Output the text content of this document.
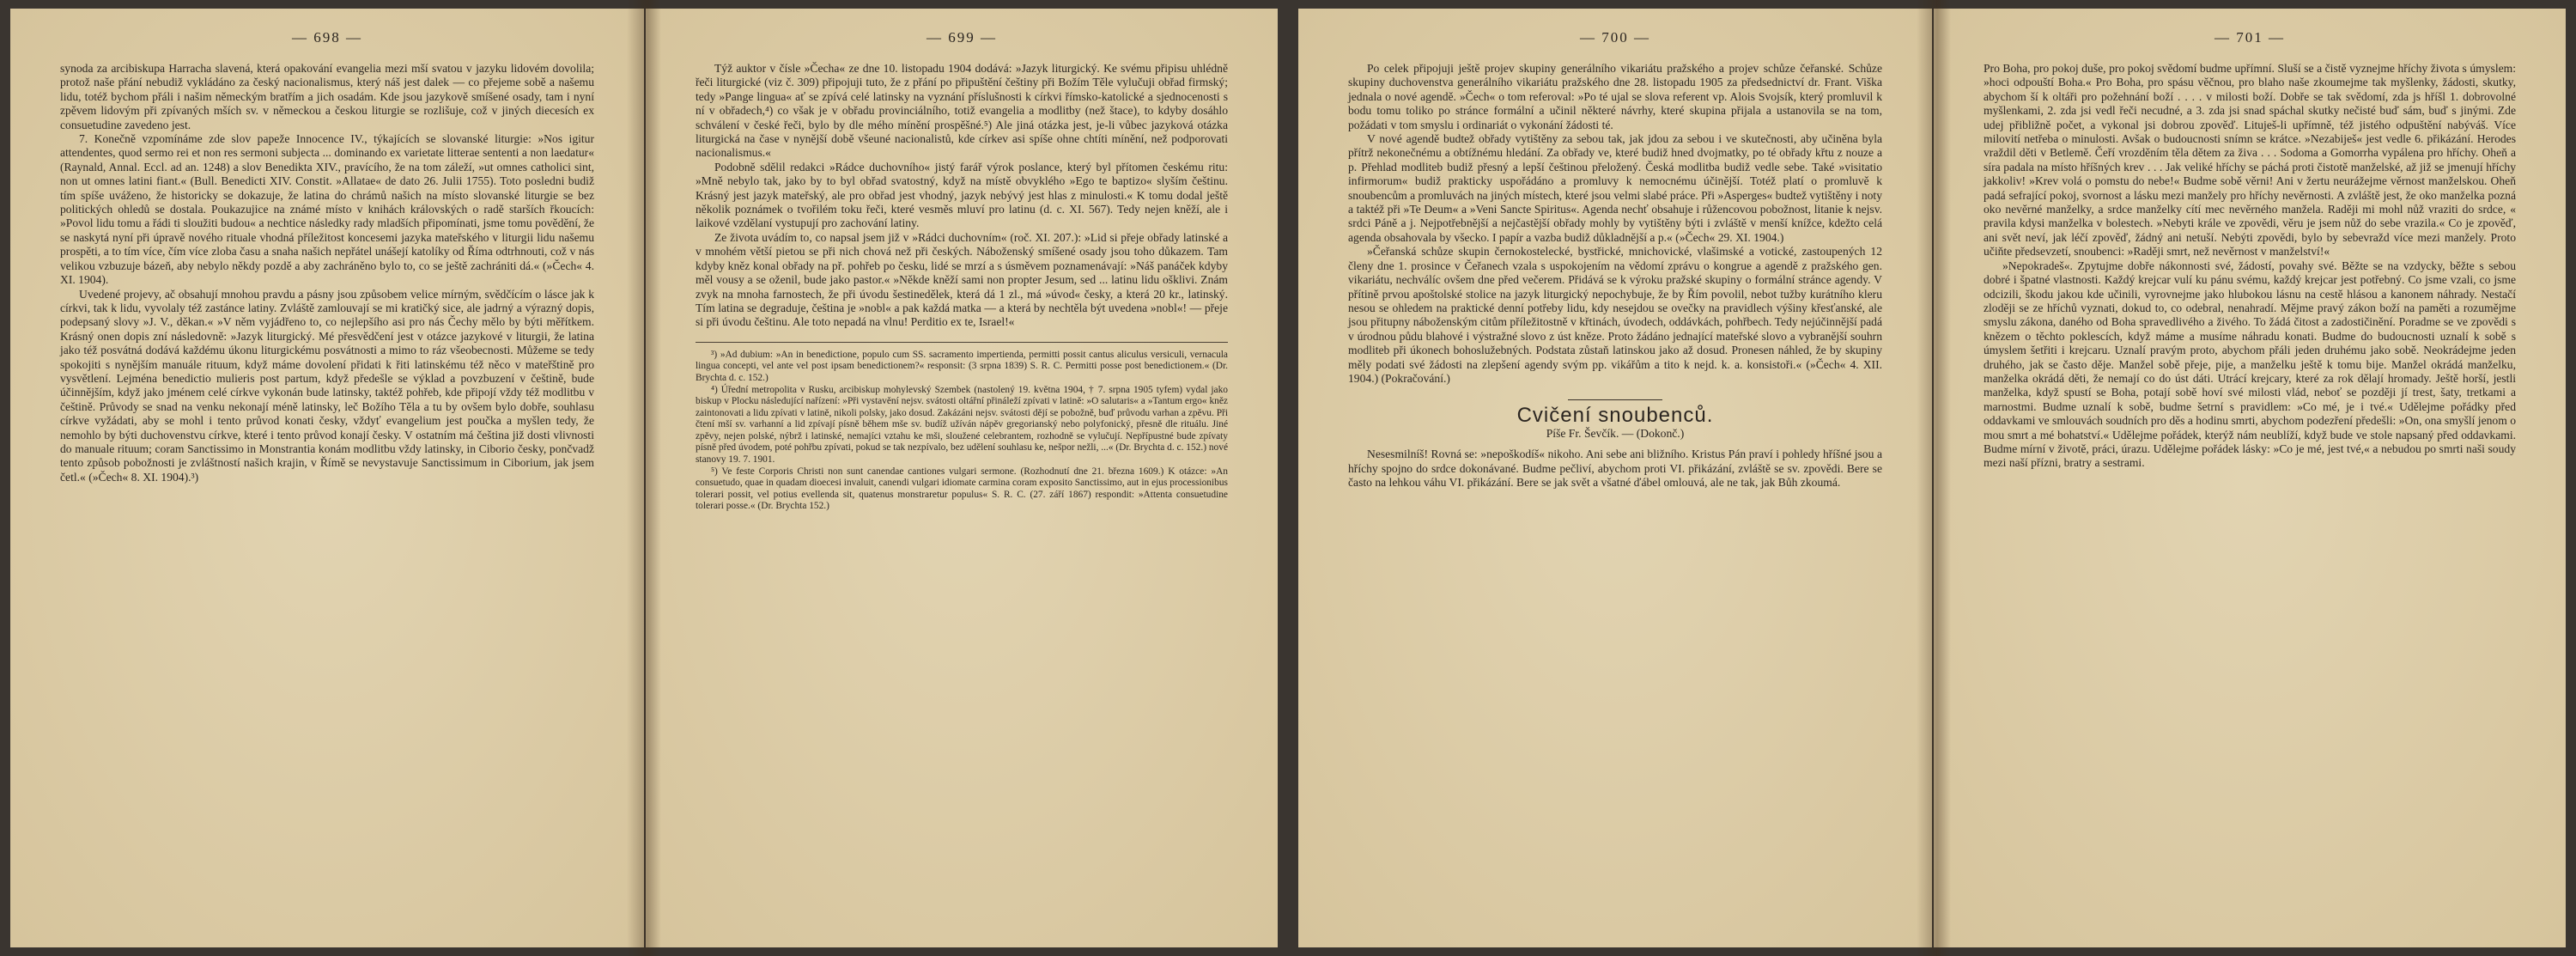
— 698 —

synoda za arcibiskupa Harracha slavená, která opakování evangelia mezi mší svatou v jazyku lidovém dovolila; protož naše přání nebudiž vykládáno za český nacionalismus, který náš jest dalek — co přejeme sobě a našemu lidu, totéž bychom přáli i našim německým bratřím a jich osadám. Kde jsou jazykově smíšené osady, tam i nyní zpěvem lidovým při zpívaných mších sv. v německou a českou liturgie se rozlišuje, což v jiných diecesích ex consuetudine zavedeno jest.

7. Konečně vzpomínáme zde slov papeže Innocence IV., týkajících se slovanské liturgie: »Nos igitur attendentes, quod sermo rei et non res sermoni subjecta ... dominando ex varietate litterae sententi a non laedatur« (Raynald, Annal. Eccl. ad an. 1248) a slov Benedikta XIV., pravícího, že na tom záleží, »ut omnes catholici sint, non ut omnes latini fiant.« (Bull. Benedicti XIV. Constit. »Allatae« de dato 26. Julii 1755). Toto posledni budiž tím spíše uváženo, že historicky se dokazuje, že latina do chrámů našich na místo slovanské liturgie se bez politických ohledů se dostala. Poukazujice na známé místo v knihách královských o radě starších řkoucích: »Povol lidu tomu a řádi ti sloužiti budou« a nechtice následky rady mladších připomínati, jsme tomu povědění, že se naskytá nyní při úpravě nového rituale vhodná příležitost koncesemi jazyka mateřského v liturgii lidu našemu prospěti, a to tím více, čím více zloba času a snaha našich nepřátel unášejí katolíky od Říma odtrhnouti, což v nás velikou vzbuzuje bázeň, aby nebylo někdy pozdě a aby zachráněno bylo to, co se ještě zachrániti dá.« (»Čech« 4. XI. 1904).

Uvedené projevy, ač obsahují mnohou pravdu a pásny jsou způsobem velice mírným, svědčícím o lásce jak k církvi, tak k lidu, vyvolaly též zastánce latiny. Zvláště zamlouvají se mi kratičký sice, ale jadrný a výrazný dopis, podepsaný slovy »J. V., děkan.« »V něm vyjádřeno to, co nejlepšího asi pro nás Čechy mělo by býti měřítkem. Krásný onen dopis zní následovně: »Jazyk liturgický. Mé přesvědčení jest v otázce jazykové v liturgii, že latina jako též posvátná dodává každému úkonu liturgickému posvátnosti a mimo to ráz všeobecnosti. Můžeme se tedy spokojiti s nynějším manuále rituum, když máme dovolení přidati k řiti latinskému též něco v mateřštině pro vysvětlení. Lejména benedictio mulieris post partum, když předešle se výklad a povzbuzení v češtině, bude účinnějším, když jako jménem celé církve vykonán bude latinsky, taktéž pohřeb, kde připojí vždy též modlitbu v češtině. Průvody se snad na venku nekonají méně latinsky, leč Božího Těla a tu by ovšem bylo dobře, souhlasu církve vyžádati, aby se mohl i tento průvod konati česky, vždyť evangelium jest poučka a myšlen tedy, že nemohlo by býti duchovenstvu církve, které i tento průvod konají česky. V ostatním má čeština již dosti vlivnosti do manuale rituum; coram Sanctissimo in Monstrantia konám modlitbu vždy latinsky, in Ciborio česky, pončvadž tento způsob pobožnosti je zvláštností našich krajin, v Římě se nevystavuje Sanctissimum in Ciborium, jak jsem četl.« (»Čech« 8. XI. 1904).³)

— 699 —

Týž auktor v čísle »Čecha« ze dne 10. listopadu 1904 dodává: »Jazyk liturgický. Ke svému připisu uhlédně řeči liturgické (viz č. 309) připojuji tuto, že z přání po připuštění češtiny při Božím Těle vylučuji obřad firmský; tedy »Pange lingua« ať se zpívá celé latinsky na vyznání příslušnosti k církvi římsko-katolické a sjednocenosti s ní v obřadech,⁴) co však je v obřadu provinciálního, totiž evangelia a modlitby (než štace), to kdyby dosáhlo schválení v české řeči, bylo by dle mého mínění prospěšné.⁵) Ale jiná otázka jest, je-li vůbec jazyková otázka liturgická na čase v nynější době všeuné nacionalistů, kde církev asi spíše ohne chtíti mínění, než podporovati nacionalismus.«

Podobně sdělil redakci »Rádce duchovního« jistý farář výrok poslance, který byl přítomen českému ritu: »Mně nebylo tak, jako by to byl obřad svatostný, když na místě obvyklého »Ego te baptizo« slyším češtinu. Krásný jest jazyk mateřský, ale pro obřad jest vhodný, jazyk nebývý jest hlas z minulosti.« K tomu dodal ještě několik poznámek o tvořilém toku řeči, které vesměs mluví pro latinu (d. c. XI. 567). Tedy nejen kněží, ale i laikové vzdělaní vystupují pro zachování latiny.

Ze života uvádím to, co napsal jsem již v »Rádci duchovním« (roč. XI. 207.): »Lid si přeje obřady latinské a v mnohém větší pietou se při nich chová než při českých. Náboženský smíšené osady jsou toho důkazem. Tam kdyby kněz konal obřady na př. pohřeb po česku, lidé se mrzí a s úsměvem poznamenávají: »Náš panáček kdyby měl vousy a se oženil, bude jako pastor.« »Někde kněží sami non propter Jesum, sed ... latinu lidu ošklivi. Znám zvyk na mnoha farnostech, že při úvodu šestinedělek, která dá 1 zl., má »úvod« česky, a která 20 kr., latinský. Tím latina se degraduje, čeština je »nobl« a pak každá matka — a která by nechtěla být uvedena »nobl«! — přeje si při úvodu češtinu. Ale toto nepadá na vlnu! Perditio ex te, Israel!«

³) »Ad dubium: »An in benedictione, populo cum SS. sacramento impertienda, permitti possit cantus aliculus versiculi, vernacula lingua concepti, vel ante vel post ipsam benedictionem?« responsit: (3 srpna 1839) S. R. C. Permitti posse post benedictionem.« (Dr. Brychta d. c. 152.)

⁴) Úřední metropolita v Rusku, arcibiskup mohylevský Szembek (nastolený 19. května 1904, † 7. srpna 1905 tyfem) vydal jako biskup v Plocku následující nařízení: »Při vystavění nejsv. svátosti oltářní přináleží zpívati v latině: »O salutaris« a »Tantum ergo« kněz zaintonovati a lidu zpívati v latině, nikoli polsky, jako dosud. Zakázáni nejsv. svátosti dějí se pobožně, buď průvodu varhan a zpěvu. Při čtení mší sv. varhanní a lid zpívají písně během mše sv. budíž užíván nápěv gregorianský nebo polyfonický, přesně dle rituálu. Jiné zpěvy, nejen polské, nýbrž i latinské, nemajíci vztahu ke mši, sloužené celebrantem, rozhodně se vylučují. Nepřípustné bude zpívaty písně před úvodem, poté pohřbu zpívati, pokud se tak nezpívalo, bez udělení souhlasu ke, nešpor nežli, ...« (Dr. Brychta d. c. 152.) nové stanovy 19. 7. 1901.

⁵) Ve feste Corporis Christi non sunt canendae cantiones vulgari sermone. (Rozhodnutí dne 21. března 1609.) K otázce: »An consuetudo, quae in quadam dioecesi invaluit, canendi vulgari idiomate carmina coram exposito Sanctissimo, aut in ejus processionibus tolerari possit, vel potius evellenda sit, quatenus monstraretur populus« S. R. C. (27. září 1867) respondit: »Attenta consuetudine tolerari posse.« (Dr. Brychta 152.)

— 700 —

Po celek připojuji ještě projev skupiny generálního vikariátu pražského a projev schůze čeřanské. Schůze skupiny duchovenstva generálního vikariátu pražského dne 28. listopadu 1905 za předsednictví dr. Frant. Viška jednala o nové agendě. »Čech« o tom referoval: »Po té ujal se slova referent vp. Alois Svojsík, který promluvil k bodu tomu toliko po stránce formální a učinil některé návrhy, které skupina přijala a ustanovila se na tom, požádati v tom smyslu i ordinariát o vykonání žádosti té.

V nové agendě budtež obřady vytištěny za sebou tak, jak jdou za sebou i ve skutečnosti, aby učiněna byla přítrž nekonečnému a obtížnému hledání. Za obřady ve, které budiž hned dvojmatky, po té obřady křtu z nouze a p. Přehlad modliteb budiž přesný a lepší češtinou přeložený. Česká modlitba budiž vedle sebe. Také »visitatio infirmorum« budiž prakticky uspořádáno a promluvy k nemocnému účinější. Totéž platí o promluvě k snoubencům a promluvách na jiných místech, které jsou velmi slabé práce. Při »Asperges« budtež vytištěny i noty a taktéž při »Te Deum« a »Veni Sancte Spiritus«. Agenda nechť obsahuje i růžencovou pobožnost, litanie k nejsv. srdci Páně a j. Nejpotřebnější a nejčastější obřady mohly by vytištěny býti i zvláště v menší knížce, kdežto celá agenda obsahovala by všecko. I papír a vazba budiž důkladnější a p.« (»Čech« 29. XI. 1904.)

»Čeřanská schůze skupin černokostelecké, bystřické, mnichovické, vlašimské a votické, zastoupených 12 členy dne 1. prosince v Čeřanech vzala s uspokojením na vědomí zprávu o kongrue a agendě z pražského gen. vikariátu, nechválíc ovšem dne před večerem. Přidává se k výroku pražské skupiny o formální stránce agendy. V přítině prvou apoštolské stolice na jazyk liturgický nepochybuje, že by Řím povolil, nebot tužby kurátního kleru nesou se ohledem na praktické denní potřeby lidu, kdy nesejdou se ovečky na pravidlech výšiny křesťanské, ale jsou přitupny náboženským citům příležitostně v křtinách, úvodech, oddávkách, pohřbech. Tedy nejúčinnější padá v úrodnou půdu blahové i výstražné slovo z úst kněze. Proto žádáno jednající mateřské slovo a vybranější souhrn modliteb při úkonech bohoslužebných. Podstata zůstaň latinskou jako až dosud. Pronesen náhled, že by skupiny měly podati své žádosti na zlepšení agendy svým pp. vikářům a tito k nejd. k. a. konsistoři.« (»Čech« 4. XII. 1904.) (Pokračování.)

Cvičení snoubenců.
Píše Fr. Ševčík. — (Dokonč.)

Nesesmilníš! Rovná se: »nepoškodíš« nikoho. Ani sebe ani bližního. Kristus Pán praví i pohledy hříšné jsou a hříchy spojno do srdce dokonávané. Budme pečliví, abychom proti VI. přikázání, zvláště se sv. zpovědi. Bere se často na lehkou váhu VI. přikázání. Bere se jak svět a všatné ďábel omlouvá, ale ne tak, jak Bůh zkoumá.

— 701 —

Pro Boha, pro pokoj duše, pro pokoj svědomí budme upřímní. Sluší se a čistě vyznejme hříchy života s úmyslem: »hoci odpouští Boha.« Pro Boha, pro spásu věčnou, pro blaho naše zkoumejme tak myšlenky, žádosti, skutky, abychom ší k oltáři pro požehnání boží . . . . v milosti boží. Dobře se tak svědomí, zda js hříšl 1. dobrovolné myšlenkami, 2. zda jsi vedl řeči necudné, a 3. zda jsi snad spáchal skutky nečisté buď sám, buď s jinými. Zde udej přibližně počet, a vykonal jsi dobrou zpověď. Lituješ-li upřímně, též jistého odpuštění nabýváš. Více milovití netřeba o minulosti. Avšak o budoucnosti snímn se krátce. »Nezabiješ« jest vedle 6. přikázání. Herodes vraždil děti v Betlemě. Čeří vrozděním těla dětem za živa . . . Sodoma a Gomorrha vypálena pro hříchy. Oheň a síra padala na místo hříšných krev . . . Jak veliké hříchy se páchá proti čistotě manželské, až již se jmenují hříchy jakkoliv! »Krev volá o pomstu do nebe!« Budme sobě věrni! Ani v žertu neurážejme věrnost manželskou. Oheň padá sefrající pokoj, svornost a lásku mezi manžely pro hříchy nevěrnosti. A zvláště jest, že oko manželka pozná oko nevěrné manželky, a srdce manželky cítí mec nevěrného manžela. Raději mi mohl nůž vraziti do srdce, « pravila kdysi manželka v bolestech. »Nebyti krále ve zpovědi, věru je jsem nůž do sebe vrazila.« Co je zpověď, ani svět neví, jak léčí zpověď, žádný ani netuší. Nebýti zpovědi, bylo by sebevražd více mezi manžely. Proto učiňte předsevzetí, snoubenci: »Raději smrt, než nevěrnost v manželství!«

»Nepokradeš«. Zpytujme dobře nákonnosti své, žádostí, povahy své. Běžte se na vzdycky, běžte s sebou dobré i špatné vlastnosti. Každý krejcar vulí ku pánu svému, každý krejcar jest potřebný. Co jsme vzali, co jsme odcizili, škodu jakou kde učinili, vyrovnejme jako hlubokou lásnu na cestě hlásou a kanonem náhrady. Nestačí zloději se ze hříchů vyznati, dokud to, co odebral, nenahradí. Mějme pravý zákon boží na paměti a rozumějme smyslu zákona, daného od Boha spravedlivého a živého. To žádá čitost a zadostičinění. Poradme se ve zpovědi s knězem o těchto poklescích, když máme a musíme náhradu konati. Budme do budoucnosti uznalí k sobě s úmyslem šetřiti i krejcaru. Uznalí pravým proto, abychom přáli jeden druhému jako sobě. Neokrádejme jeden druhého, jak se často děje. Manžel sobě přeje, pije, a manželku ještě k tomu bije. Manžel okrádá manželku, manželka okrádá děti, že nemají co do úst dáti. Utrácí krejcary, které za rok dělají hromady. Ještě horší, jestli manželka, když spustí se Boha, potají sobě hoví své milosti vlád, neboť se později jí trest, šaty, tretkami a marnostmi. Budme uznalí k sobě, budme šetrní s pravidlem: »Co mé, je i tvé.« Udělejme pořádky před oddavkami ve smlouvách soudních pro děs a hodinu smrti, abychom podezření předešli: »On, ona smyšlí jenom o mou smrt a mé bohatství.« Udělejme pořádek, kterýž nám neublíží, když bude ve stole napsaný před oddavkami. Budme mírní v životě, práci, úrazu. Udělejme pořádek lásky: »Co je mé, jest tvé,« a nebudou po smrti naši soudy mezi naší přízni, bratry a sestrami.
